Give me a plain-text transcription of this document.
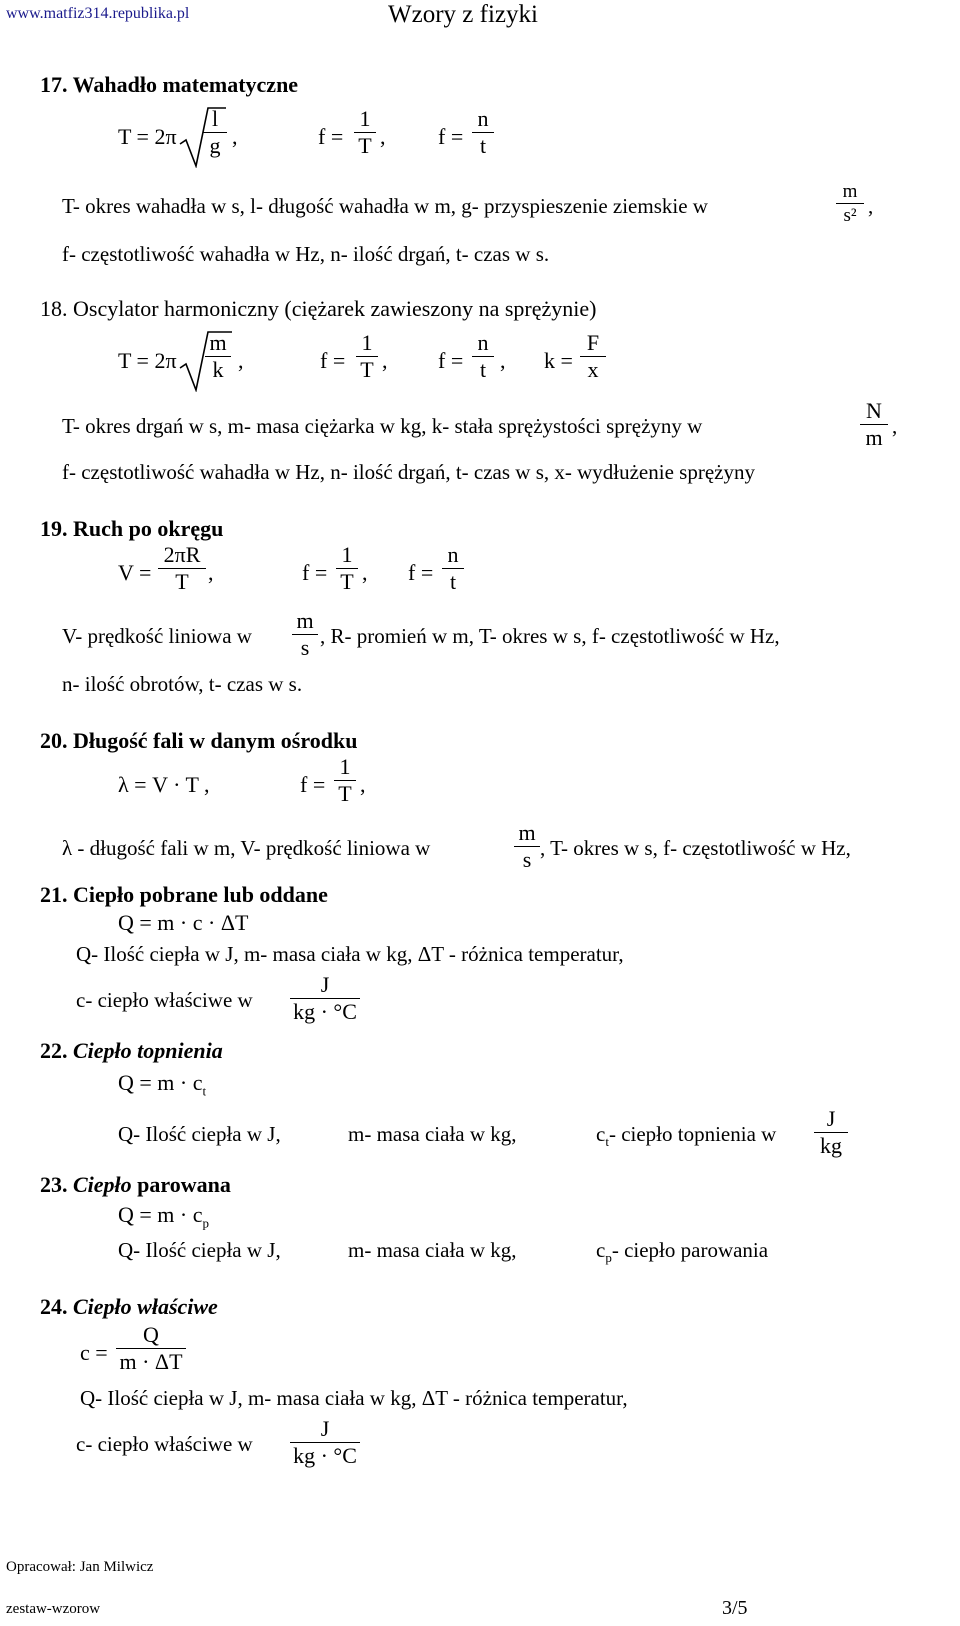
www.matfiz314.republika.pl	Wzory z fizyki
17. Wahadło matematyczne
T = 2π
l
g ,	f =
1
T , f =
n
t
T- okres wahadła w s, l- długość wahadła w m, g- przyspieszenie ziemskie w
m
s² ,
f- częstotliwość wahadła w Hz, n- ilość drgań, t- czas w s.
18. Oscylator harmoniczny (ciężarek zawieszony na sprężynie)
T = 2π
m
k ,	f =
1
T , f =
n
t , k =
F
x
T- okres drgań w s, m- masa ciężarka w kg, k- stała sprężystości sprężyny w
N
m ,
f- częstotliwość wahadła w Hz, n- ilość drgań, t- czas w s, x- wydłużenie sprężyny
19. Ruch po okręgu
V =
2πR
T ,	f =
1
T , f =
n
t
V- prędkość liniowa w
m
s , R- promień w m, T- okres w s, f- częstotliwość w Hz,
n- ilość obrotów, t- czas w s.
20. Długość fali w danym ośrodku
λ = V · T ,	f =
1
T ,
λ - długość fali w m, V- prędkość liniowa w
m
s , T- okres w s, f- częstotliwość w Hz,
21. Ciepło pobrane lub oddane
Q = m · c · ΔT
Q- Ilość ciepła w J, m- masa ciała w kg, ΔT - różnica temperatur,
c- ciepło właściwe w
J
kg · °C
22. Ciepło topnienia
$Q = m \cdot c_t$
Q- Ilość ciepła w J,	m- masa ciała w kg,	$c_t-$ ciepło topnienia w
J
kg
23. Ciepło parowana
$Q = m \cdot c_p$
Q- Ilość ciepła w J,	m- masa ciała w kg,	$c_p-$ ciepło parowania
24. Ciepło właściwe
c =
Q
m · ΔT
Q- Ilość ciepła w J, m- masa ciała w kg, ΔT - różnica temperatur,
c- ciepło właściwe w
J
kg · °C
Opracował: Jan Milwicz
zestaw-wzorow	3/5
